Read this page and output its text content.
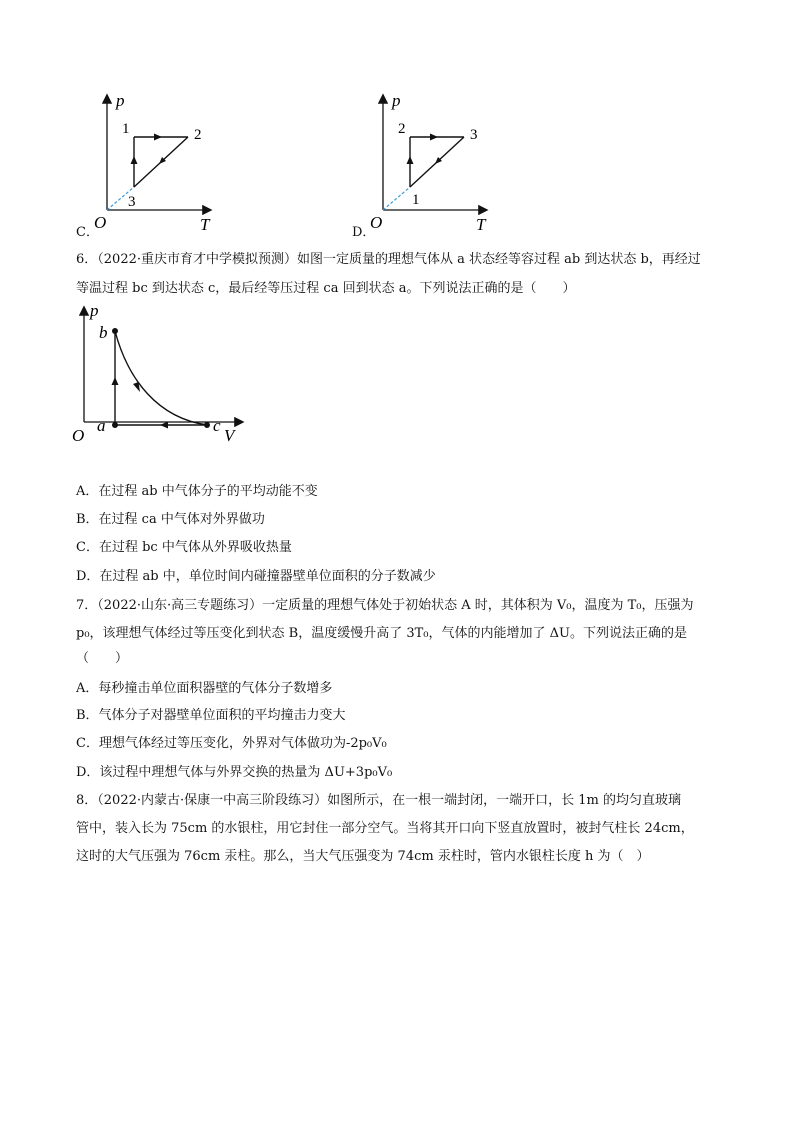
p
T
O
1	2
3
C．
p
T
O
2	3
1
D．
6．（2022·重庆市育才中学模拟预测）如图一定质量的理想气体从 a 状态经等容过程 ab 到达状态 b，再经过
等温过程 bc 到达状态 c，最后经等压过程 ca 回到状态 a。下列说法正确的是（　　）
p
b
a	c
O	V
A．在过程 ab 中气体分子的平均动能不变
B．在过程 ca 中气体对外界做功
C．在过程 bc 中气体从外界吸收热量
D．在过程 ab 中，单位时间内碰撞器壁单位面积的分子数减少
7．（2022·山东·高三专题练习）一定质量的理想气体处于初始状态 A 时，其体积为 V₀，温度为 T₀，压强为
p₀，该理想气体经过等压变化到状态 B，温度缓慢升高了 3T₀，气体的内能增加了 ΔU。下列说法正确的是
（　　）
A．每秒撞击单位面积器壁的气体分子数增多
B．气体分子对器壁单位面积的平均撞击力变大
C．理想气体经过等压变化，外界对气体做功为-2p₀V₀
D．该过程中理想气体与外界交换的热量为 ΔU+3p₀V₀
8．（2022·内蒙古·保康一中高三阶段练习）如图所示，在一根一端封闭，一端开口，长 1m 的均匀直玻璃
管中，装入长为 75cm 的水银柱，用它封住一部分空气。当将其开口向下竖直放置时，被封气柱长 24cm，
这时的大气压强为 76cm 汞柱。那么，当大气压强变为 74cm 汞柱时，管内水银柱长度 h 为（　）
